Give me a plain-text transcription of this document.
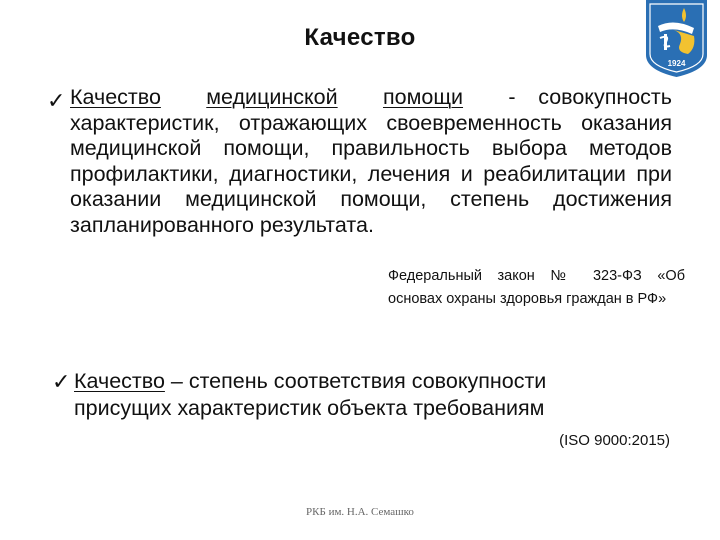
Качество
1924
✓ Качество медицинской помощи - совокупность характеристик, отражающих своевременность оказания медицинской помощи, правильность выбора методов профилактики, диагностики, лечения и реабилитации при оказании медицинской помощи, степень достижения запланированного результата.
Федеральный закон № 323-ФЗ «Об основах охраны здоровья граждан в РФ»
✓ Качество – степень соответствия совокупности присущих характеристик объекта требованиям
(ISO 9000:2015)
РКБ им. Н.А. Семашко
